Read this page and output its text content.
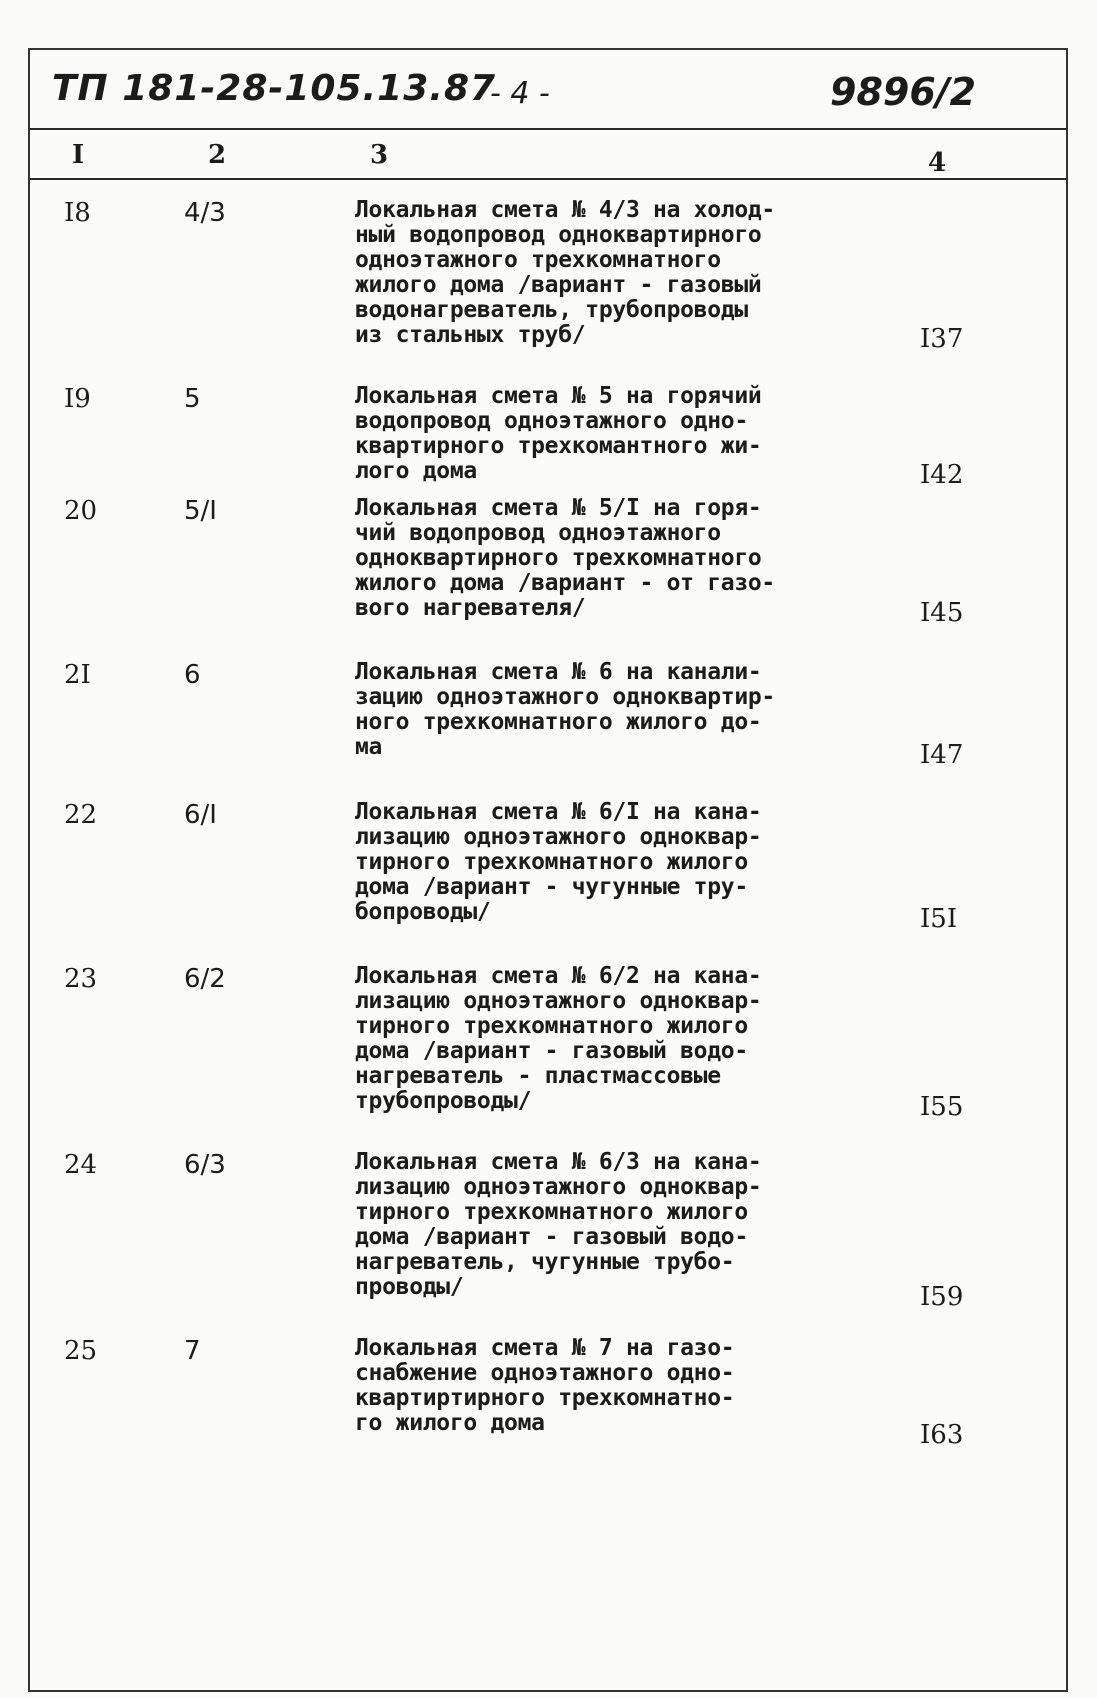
ТП 181-28-105.13.87
- 4 -	9896/2
I	2	3	4
I8	4/3	Локальная смета № 4/3 на холод-
ный водопровод одноквартирного
одноэтажного трехкомнатного
жилого дома /вариант - газовый
водонагреватель, трубопроводы
из стальных труб/	I37
I9	5	Локальная смета № 5 на горячий
водопровод одноэтажного одно-
квартирного трехкомантного жи-
лого дома	I42
20	5/I	Локальная смета № 5/I на горя-
чий водопровод одноэтажного
одноквартирного трехкомнатного
жилого дома /вариант - от газо-
вого нагревателя/	I45
2I	6	Локальная смета № 6 на канали-
зацию одноэтажного одноквартир-
ного трехкомнатного жилого до-
ма	I47
22	6/I	Локальная смета № 6/I на кана-
лизацию одноэтажного одноквар-
тирного трехкомнатного жилого
дома /вариант - чугунные тру-
бопроводы/	I5I
23	6/2	Локальная смета № 6/2 на кана-
лизацию одноэтажного одноквар-
тирного трехкомнатного жилого
дома /вариант - газовый водо-
нагреватель - пластмассовые
трубопроводы/	I55
24	6/3	Локальная смета № 6/3 на кана-
лизацию одноэтажного одноквар-
тирного трехкомнатного жилого
дома /вариант - газовый водо-
нагреватель, чугунные трубо-
проводы/	I59
25	7	Локальная смета № 7 на газо-
снабжение одноэтажного одно-
квартиртирного трехкомнатно-
го жилого дома	I63
